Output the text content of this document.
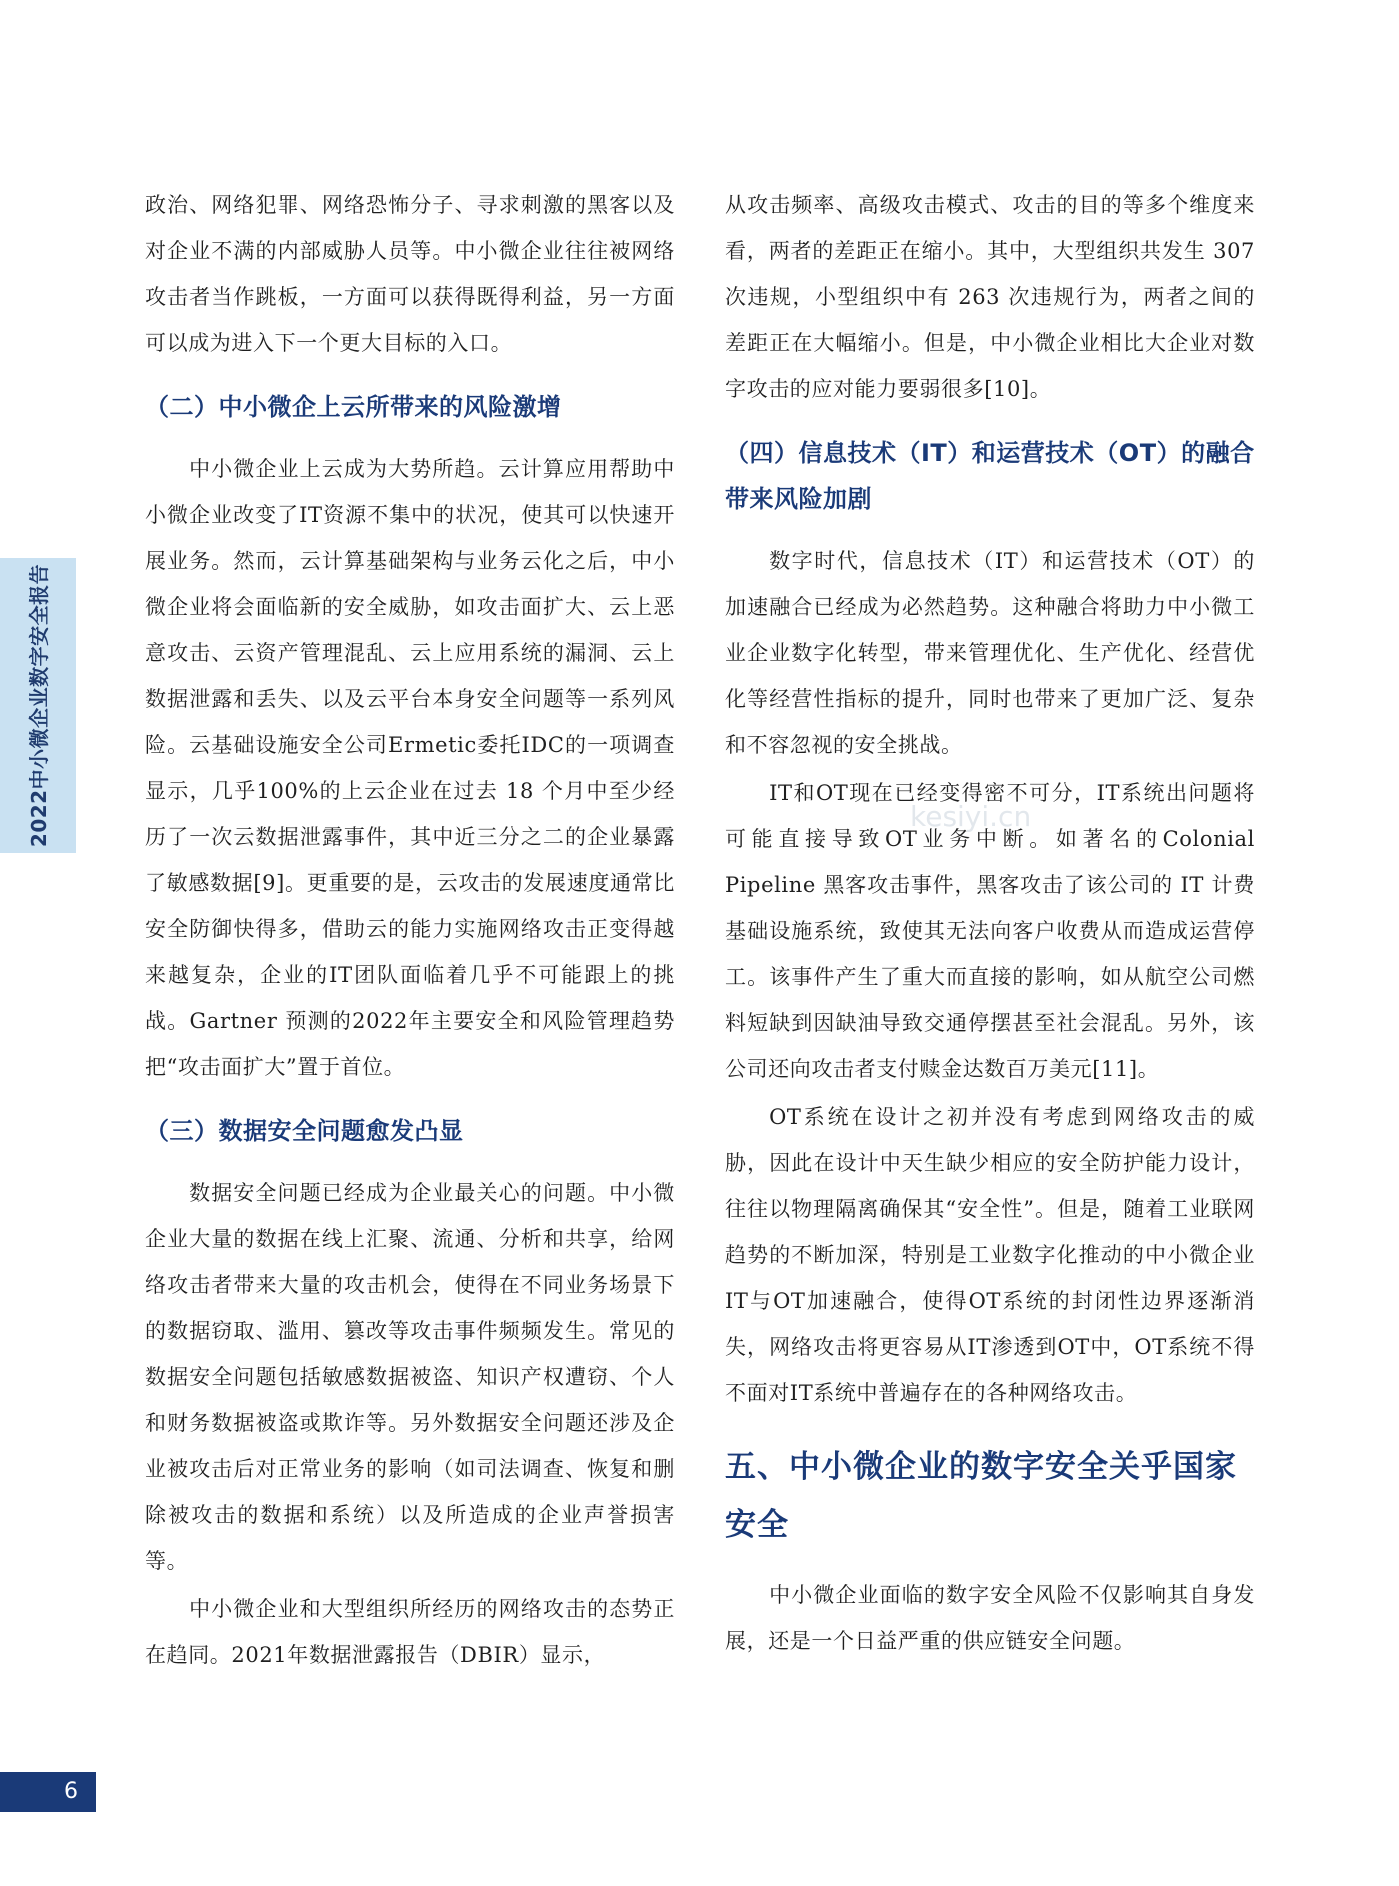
2022中小微企业数字安全报告	kesiyi.cn

政治、网络犯罪、网络恐怖分子、寻求刺激的黑客以及对企业不满的内部威胁人员等。中小微企业往往被网络攻击者当作跳板，一方面可以获得既得利益，另一方面可以成为进入下一个更大目标的入口。

（二）中小微企上云所带来的风险激增

中小微企业上云成为大势所趋。云计算应用帮助中小微企业改变了IT资源不集中的状况，使其可以快速开展业务。然而，云计算基础架构与业务云化之后，中小微企业将会面临新的安全威胁，如攻击面扩大、云上恶意攻击、云资产管理混乱、云上应用系统的漏洞、云上数据泄露和丢失、以及云平台本身安全问题等一系列风险。云基础设施安全公司Ermetic委托IDC的一项调查显示，几乎100%的上云企业在过去 18 个月中至少经历了一次云数据泄露事件，其中近三分之二的企业暴露了敏感数据[9]。更重要的是，云攻击的发展速度通常比安全防御快得多，借助云的能力实施网络攻击正变得越来越复杂，企业的IT团队面临着几乎不可能跟上的挑战。Gartner 预测的2022年主要安全和风险管理趋势把“攻击面扩大”置于首位。

（三）数据安全问题愈发凸显

数据安全问题已经成为企业最关心的问题。中小微企业大量的数据在线上汇聚、流通、分析和共享，给网络攻击者带来大量的攻击机会，使得在不同业务场景下的数据窃取、滥用、篡改等攻击事件频频发生。常见的数据安全问题包括敏感数据被盗、知识产权遭窃、个人和财务数据被盗或欺诈等。另外数据安全问题还涉及企业被攻击后对正常业务的影响（如司法调查、恢复和删除被攻击的数据和系统）以及所造成的企业声誉损害等。

中小微企业和大型组织所经历的网络攻击的态势正在趋同。2021年数据泄露报告（DBIR）显示，

从攻击频率、高级攻击模式、攻击的目的等多个维度来看，两者的差距正在缩小。其中，大型组织共发生 307 次违规，小型组织中有 263 次违规行为，两者之间的差距正在大幅缩小。但是，中小微企业相比大企业对数字攻击的应对能力要弱很多[10]。

（四）信息技术（IT）和运营技术（OT）的融合带来风险加剧

数字时代，信息技术（IT）和运营技术（OT）的加速融合已经成为必然趋势。这种融合将助力中小微工业企业数字化转型，带来管理优化、生产优化、经营优化等经营性指标的提升，同时也带来了更加广泛、复杂和不容忽视的安全挑战。

IT和OT现在已经变得密不可分，IT系统出问题将可能直接导致OT业务中断。如著名的Colonial Pipeline 黑客攻击事件，黑客攻击了该公司的 IT 计费基础设施系统，致使其无法向客户收费从而造成运营停工。该事件产生了重大而直接的影响，如从航空公司燃料短缺到因缺油导致交通停摆甚至社会混乱。另外，该公司还向攻击者支付赎金达数百万美元[11]。

OT系统在设计之初并没有考虑到网络攻击的威胁，因此在设计中天生缺少相应的安全防护能力设计，往往以物理隔离确保其“安全性”。但是，随着工业联网趋势的不断加深，特别是工业数字化推动的中小微企业IT与OT加速融合，使得OT系统的封闭性边界逐渐消失，网络攻击将更容易从IT渗透到OT中，OT系统不得不面对IT系统中普遍存在的各种网络攻击。

五、中小微企业的数字安全关乎国家安全

中小微企业面临的数字安全风险不仅影响其自身发展，还是一个日益严重的供应链安全问题。

6
